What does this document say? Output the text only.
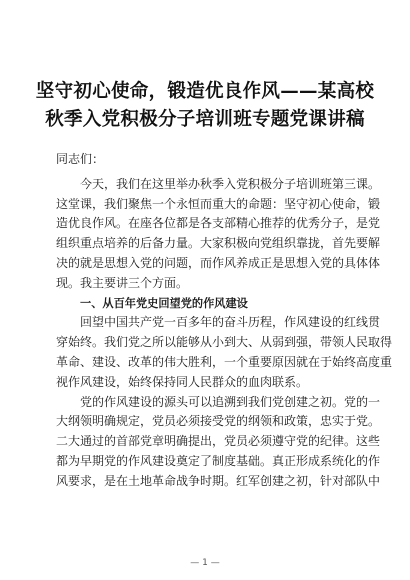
坚守初心使命，锻造优良作风——某高校
秋季入党积极分子培训班专题党课讲稿
同志们：
今天，我们在这里举办秋季入党积极分子培训班第三课。
这堂课，我们聚焦一个永恒而重大的命题：坚守初心使命，锻
造优良作风。在座各位都是各支部精心推荐的优秀分子，是党
组织重点培养的后备力量。大家积极向党组织靠拢，首先要解
决的就是思想入党的问题，而作风养成正是思想入党的具体体
现。我主要讲三个方面。
一、从百年党史回望党的作风建设
回望中国共产党一百多年的奋斗历程，作风建设的红线贯
穿始终。我们党之所以能够从小到大、从弱到强，带领人民取得
革命、建设、改革的伟大胜利，一个重要原因就在于始终高度重
视作风建设，始终保持同人民群众的血肉联系。
党的作风建设的源头可以追溯到我们党创建之初。党的一
大纲领明确规定，党员必须接受党的纲领和政策，忠实于党。
二大通过的首部党章明确提出，党员必须遵守党的纪律。这些
都为早期党的作风建设奠定了制度基础。真正形成系统化的作
风要求，是在土地革命战争时期。红军创建之初，针对部队中
— 1 —
